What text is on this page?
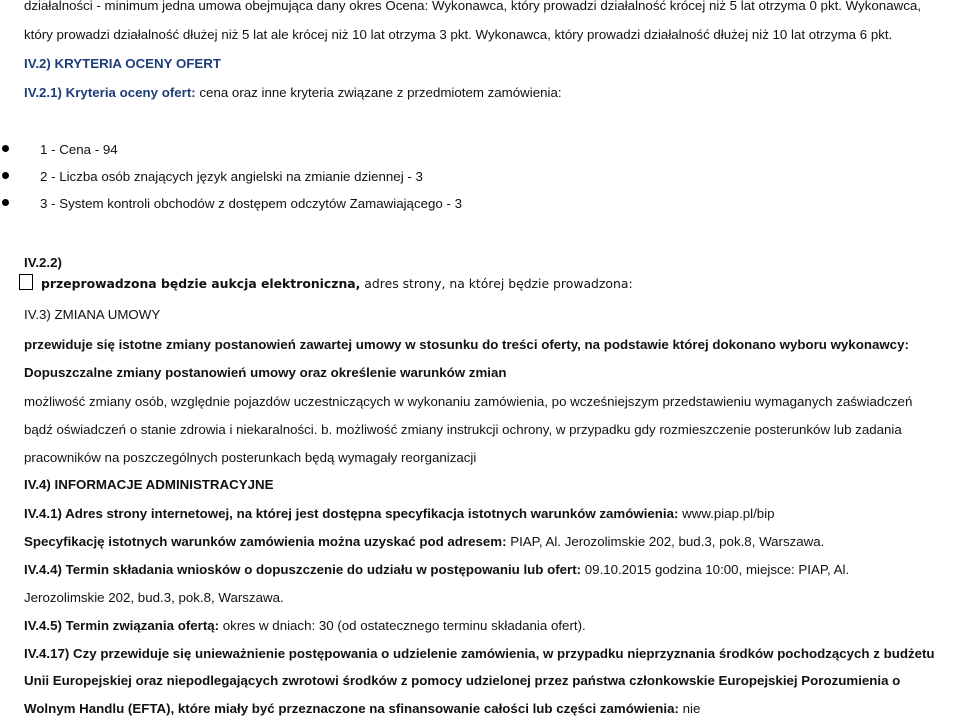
działalności - minimum jedna umowa obejmująca dany okres Ocena: Wykonawca, który prowadzi działalność krócej niż 5 lat otrzyma 0 pkt. Wykonawca,
który prowadzi działalność dłużej niż 5 lat ale krócej niż 10 lat otrzyma 3 pkt. Wykonawca, który prowadzi działalność dłużej niż 10 lat otrzyma 6 pkt.
IV.2) KRYTERIA OCENY OFERT
IV.2.1) Kryteria oceny ofert: cena oraz inne kryteria związane z przedmiotem zamówienia:
1 - Cena - 94
2 - Liczba osób znających język angielski na zmianie dziennej - 3
3 - System kontroli obchodów z dostępem odczytów Zamawiającego - 3
IV.2.2)
przeprowadzona będzie aukcja elektroniczna, adres strony, na której będzie prowadzona:
IV.3) ZMIANA UMOWY
przewiduje się istotne zmiany postanowień zawartej umowy w stosunku do treści oferty, na podstawie której dokonano wyboru wykonawcy:
Dopuszczalne zmiany postanowień umowy oraz określenie warunków zmian
możliwość zmiany osób, względnie pojazdów uczestniczących w wykonaniu zamówienia, po wcześniejszym przedstawieniu wymaganych zaświadczeń
bądź oświadczeń o stanie zdrowia i niekaralności. b. możliwość zmiany instrukcji ochrony, w przypadku gdy rozmieszczenie posterunków lub zadania
pracowników na poszczególnych posterunkach będą wymagały reorganizacji
IV.4) INFORMACJE ADMINISTRACYJNE
IV.4.1) Adres strony internetowej, na której jest dostępna specyfikacja istotnych warunków zamówienia: www.piap.pl/bip
Specyfikację istotnych warunków zamówienia można uzyskać pod adresem: PIAP, Al. Jerozolimskie 202, bud.3, pok.8, Warszawa.
IV.4.4) Termin składania wniosków o dopuszczenie do udziału w postępowaniu lub ofert: 09.10.2015 godzina 10:00, miejsce: PIAP, Al.
Jerozolimskie 202, bud.3, pok.8, Warszawa.
IV.4.5) Termin związania ofertą: okres w dniach: 30 (od ostatecznego terminu składania ofert).
IV.4.17) Czy przewiduje się unieważnienie postępowania o udzielenie zamówienia, w przypadku nieprzyznania środków pochodzących z budżetu
Unii Europejskiej oraz niepodlegających zwrotowi środków z pomocy udzielonej przez państwa członkowskie Europejskiej Porozumienia o
Wolnym Handlu (EFTA), które miały być przeznaczone na sfinansowanie całości lub części zamówienia: nie
